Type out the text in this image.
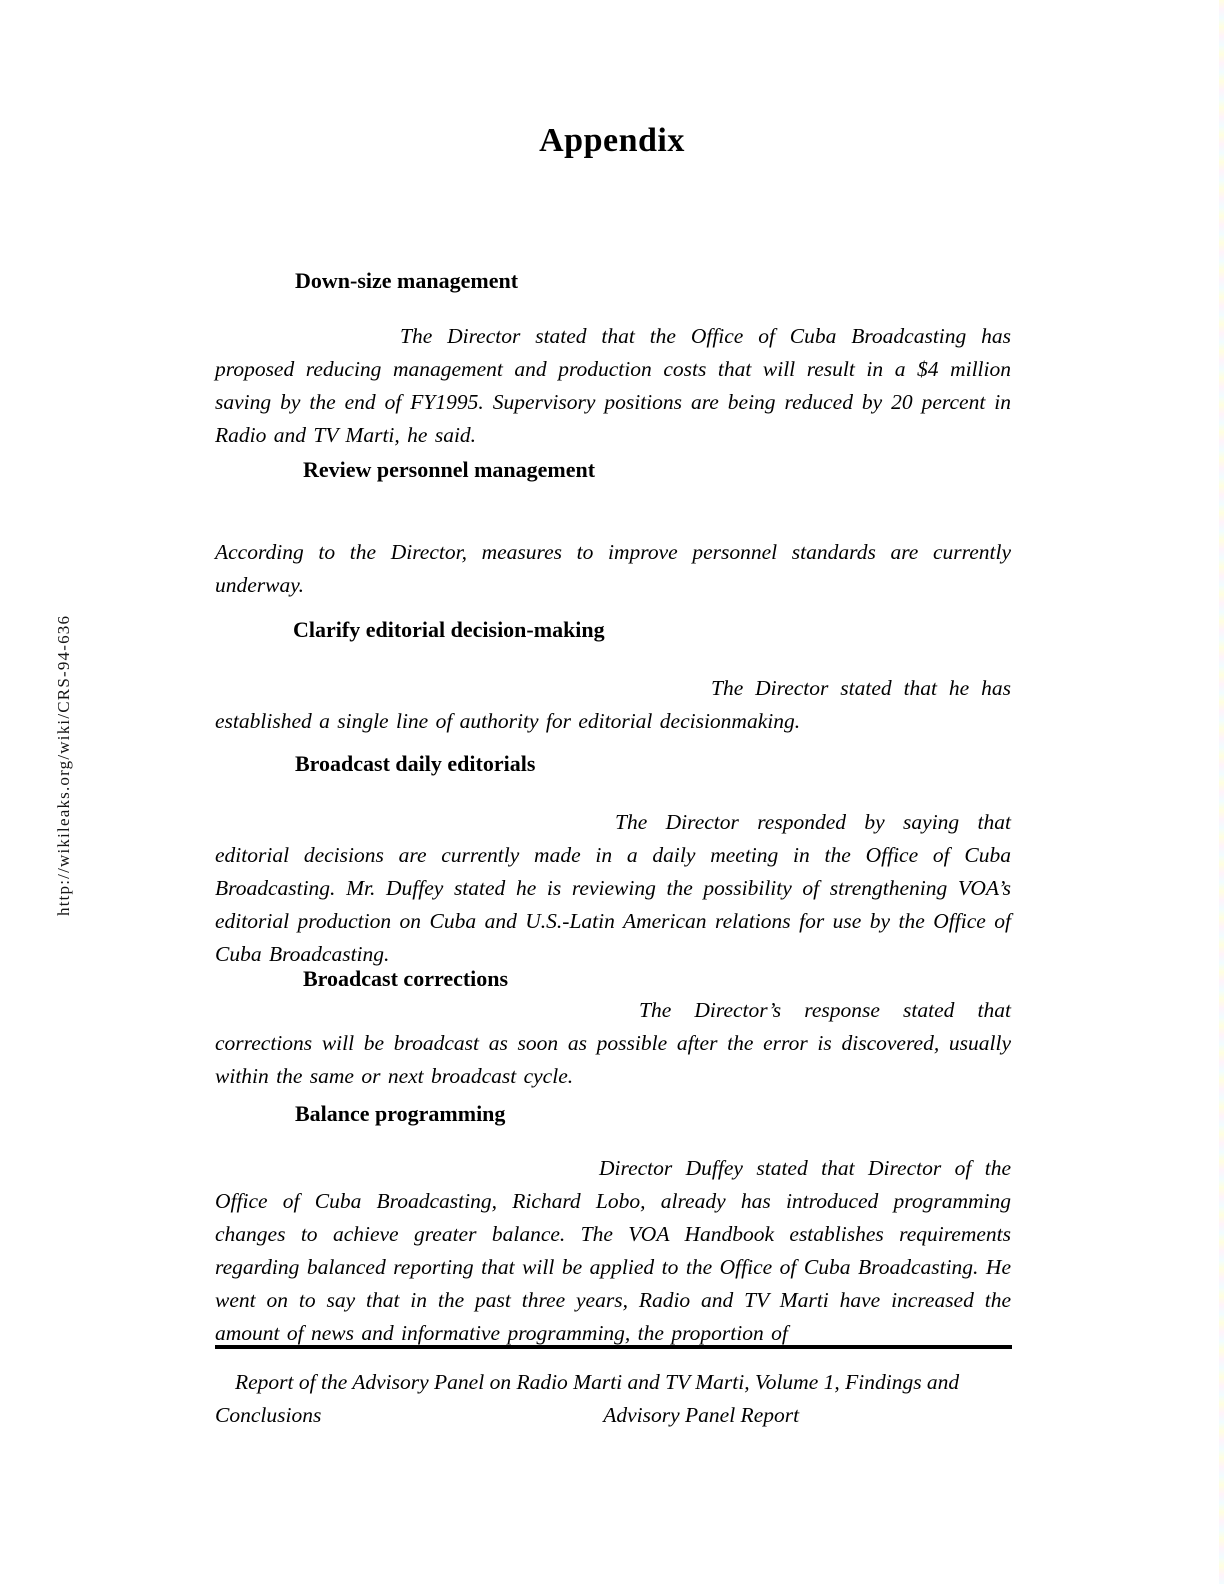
http://wikileaks.org/wiki/CRS-94-636
Appendix
Down-size management

The Director stated that the Office of Cuba Broadcasting has proposed reducing management and production costs that will result in a $4 million saving by the end of FY1995. Supervisory positions are being reduced by 20 percent in Radio and TV Marti, he said.

Review personnel management

According to the Director, measures to improve personnel standards are currently underway.

Clarify editorial decision-making

The Director stated that he has established a single line of authority for editorial decisionmaking.

Broadcast daily editorials

The Director responded by saying that editorial decisions are currently made in a daily meeting in the Office of Cuba Broadcasting. Mr. Duffey stated he is reviewing the possibility of strengthening VOA’s editorial production on Cuba and U.S.-Latin American relations for use by the Office of Cuba Broadcasting.

Broadcast corrections

The Director’s response stated that corrections will be broadcast as soon as possible after the error is discovered, usually within the same or next broadcast cycle.

Balance programming

Director Duffey stated that Director of the Office of Cuba Broadcasting, Richard Lobo, already has introduced programming changes to achieve greater balance. The VOA Handbook establishes requirements regarding balanced reporting that will be applied to the Office of Cuba Broadcasting. He went on to say that in the past three years, Radio and TV Marti have increased the amount of news and informative programming, the proportion of

Report of the Advisory Panel on Radio Marti and TV Marti, Volume 1, Findings and

Conclusions	Advisory Panel Report
